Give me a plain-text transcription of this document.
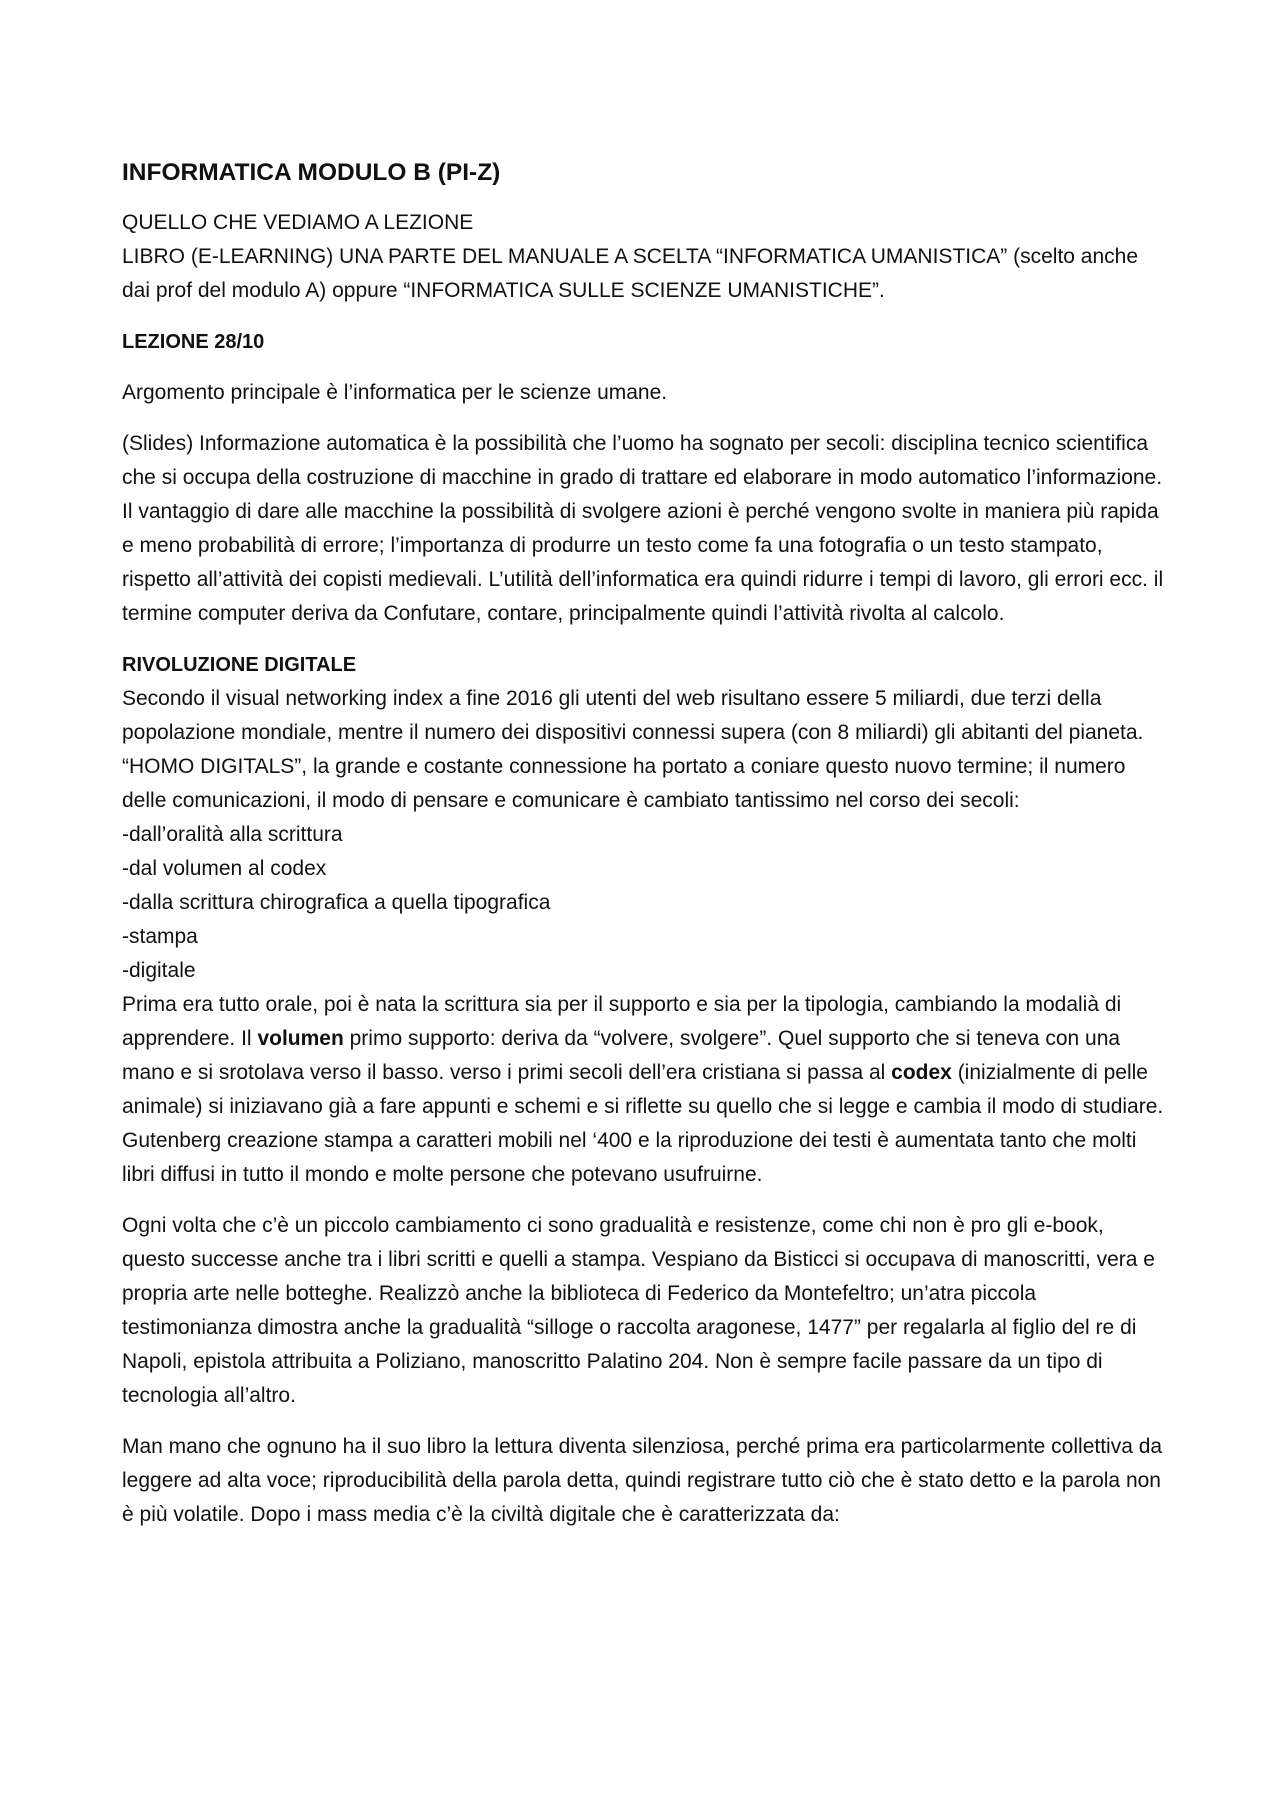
INFORMATICA MODULO B (PI-Z)

QUELLO CHE VEDIAMO A LEZIONE
LIBRO (E-LEARNING) UNA PARTE DEL MANUALE A SCELTA “INFORMATICA UMANISTICA” (scelto anche dai prof del modulo A) oppure “INFORMATICA SULLE SCIENZE UMANISTICHE”.

LEZIONE 28/10

Argomento principale è l’informatica per le scienze umane.

(Slides) Informazione automatica è la possibilità che l’uomo ha sognato per secoli: disciplina tecnico scientifica che si occupa della costruzione di macchine in grado di trattare ed elaborare in modo automatico l’informazione. Il vantaggio di dare alle macchine la possibilità di svolgere azioni è perché vengono svolte in maniera più rapida e meno probabilità di errore; l’importanza di produrre un testo come fa una fotografia o un testo stampato, rispetto all’attività dei copisti medievali. L’utilità dell’informatica era quindi ridurre i tempi di lavoro, gli errori ecc. il termine computer deriva da Confutare, contare, principalmente quindi l’attività rivolta al calcolo.

RIVOLUZIONE DIGITALE
Secondo il visual networking index a fine 2016 gli utenti del web risultano essere 5 miliardi, due terzi della popolazione mondiale, mentre il numero dei dispositivi connessi supera (con 8 miliardi) gli abitanti del pianeta. “HOMO DIGITALS”, la grande e costante connessione ha portato a coniare questo nuovo termine; il numero delle comunicazioni, il modo di pensare e comunicare è cambiato tantissimo nel corso dei secoli:
-dall’oralità alla scrittura
-dal volumen al codex
-dalla scrittura chirografica a quella tipografica
-stampa
-digitale
Prima era tutto orale, poi è nata la scrittura sia per il supporto e sia per la tipologia, cambiando la modalià di apprendere. Il volumen primo supporto: deriva da “volvere, svolgere”. Quel supporto che si teneva con una mano e si srotolava verso il basso. verso i primi secoli dell’era cristiana si passa al codex (inizialmente di pelle animale) si iniziavano già a fare appunti e schemi e si riflette su quello che si legge e cambia il modo di studiare.
Gutenberg creazione stampa a caratteri mobili nel ‘400 e la riproduzione dei testi è aumentata tanto che molti libri diffusi in tutto il mondo e molte persone che potevano usufruirne.

Ogni volta che c’è un piccolo cambiamento ci sono gradualità e resistenze, come chi non è pro gli e-book, questo successe anche tra i libri scritti e quelli a stampa. Vespiano da Bisticci si occupava di manoscritti, vera e propria arte nelle botteghe. Realizzò anche la biblioteca di Federico da Montefeltro; un’atra piccola testimonianza dimostra anche la gradualità “silloge o raccolta aragonese, 1477” per regalarla al figlio del re di Napoli, epistola attribuita a Poliziano, manoscritto Palatino 204. Non è sempre facile passare da un tipo di tecnologia all’altro.

Man mano che ognuno ha il suo libro la lettura diventa silenziosa, perché prima era particolarmente collettiva da leggere ad alta voce; riproducibilità della parola detta, quindi registrare tutto ciò che è stato detto e la parola non è più volatile. Dopo i mass media c’è la civiltà digitale che è caratterizzata da:
